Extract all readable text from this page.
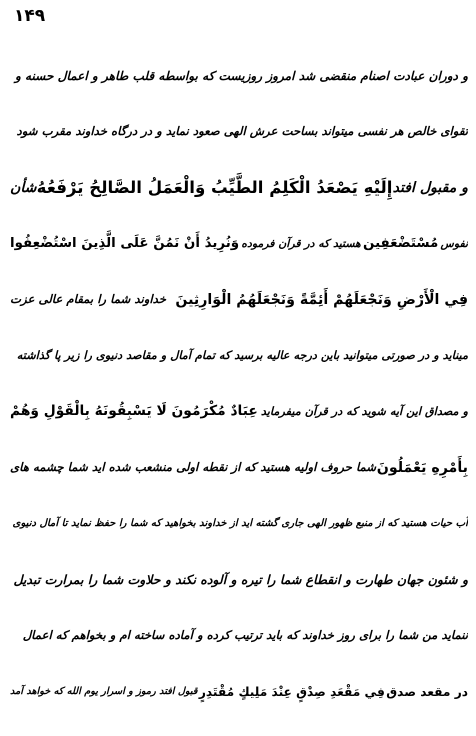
۱۴۹
و دوران عبادت اصنام منقضی شد امروز روزیست که بواسطه قلب طاهر و اعمال حسنه و
تقوای خالص هر نفسی میتواند بساحت عرش الهی صعود نماید و در درگاه خداوند مقرب شود
و مقبول افتد
إِلَيْهِ يَصْعَدُ الْكَلِمُ الطَّيِّبُ وَالْعَمَلُ الصَّالِحُ يَرْفَعُهُ
شأن
نفوس
مُسْتَضْعَفِين
هستید که در قرآن فرموده
وَنُرِيدُ أَنْ نَمُنَّ عَلَى الَّذِينَ اسْتُضْعِفُوا
فِي الْأَرْضِ وَنَجْعَلَهُمْ أَئِمَّةً وَنَجْعَلَهُمُ الْوَارِثِينَ
خداوند شما را بمقام عالی عزت
میناید و در صورتی میتوانید باین درجه عالیه برسید که تمام آمال و مقاصد دنیوی را زیر پا گذاشته
و مصداق این آیه شوید که در قرآن میفرماید
عِبَادٌ مُكْرَمُونَ لَا يَسْبِقُونَهُ بِالْقَوْلِ وَهُمْ
بِأَمْرِهِ يَعْمَلُونَ
شما حروف اولیه هستید که از نقطه اولی منشعب شده اید شما چشمه های
آب حیات هستید که از منبع ظهور الهی جاری گشته اید از خداوند بخواهید که شما را حفظ نماید تا آمال دنیوی
و شئون جهان طهارت و انقطاع شما را تیره و آلوده نکند و حلاوت شما را بمرارت تبدیل
ننماید من شما را برای روز خداوند که باید ترتیب کرده و آماده ساخته ام و بخواهم که اعمال
در مقعد صدق
فِي مَقْعَدِ صِدْقٍ عِنْدَ مَلِيكٍ مُقْتَدِرٍ
قبول افتد رموز و اسرار یوم الله که خواهد آمد
